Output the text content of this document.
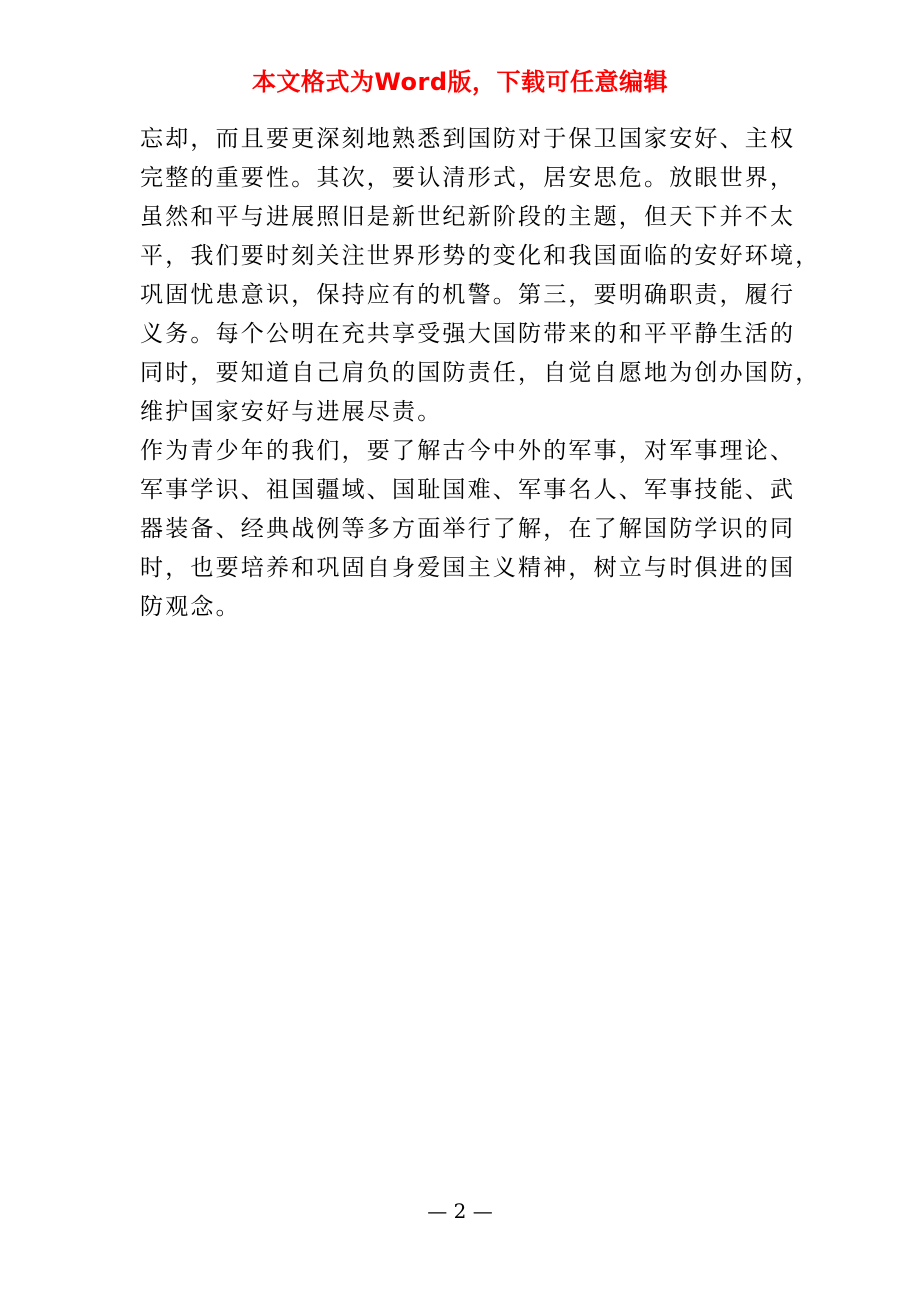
本文格式为Word版，下载可任意编辑

忘却，而且要更深刻地熟悉到国防对于保卫国家安好、主权
完整的重要性。其次，要认清形式，居安思危。放眼世界，
虽然和平与进展照旧是新世纪新阶段的主题，但天下并不太
平，我们要时刻关注世界形势的变化和我国面临的安好环境，
巩固忧患意识，保持应有的机警。第三，要明确职责，履行
义务。每个公明在充共享受强大国防带来的和平平静生活的
同时，要知道自己肩负的国防责任，自觉自愿地为创办国防，
维护国家安好与进展尽责。

作为青少年的我们，要了解古今中外的军事，对军事理论、
军事学识、祖国疆域、国耻国难、军事名人、军事技能、武
器装备、经典战例等多方面举行了解，在了解国防学识的同
时，也要培养和巩固自身爱国主义精神，树立与时俱进的国
防观念。

— 2 —
